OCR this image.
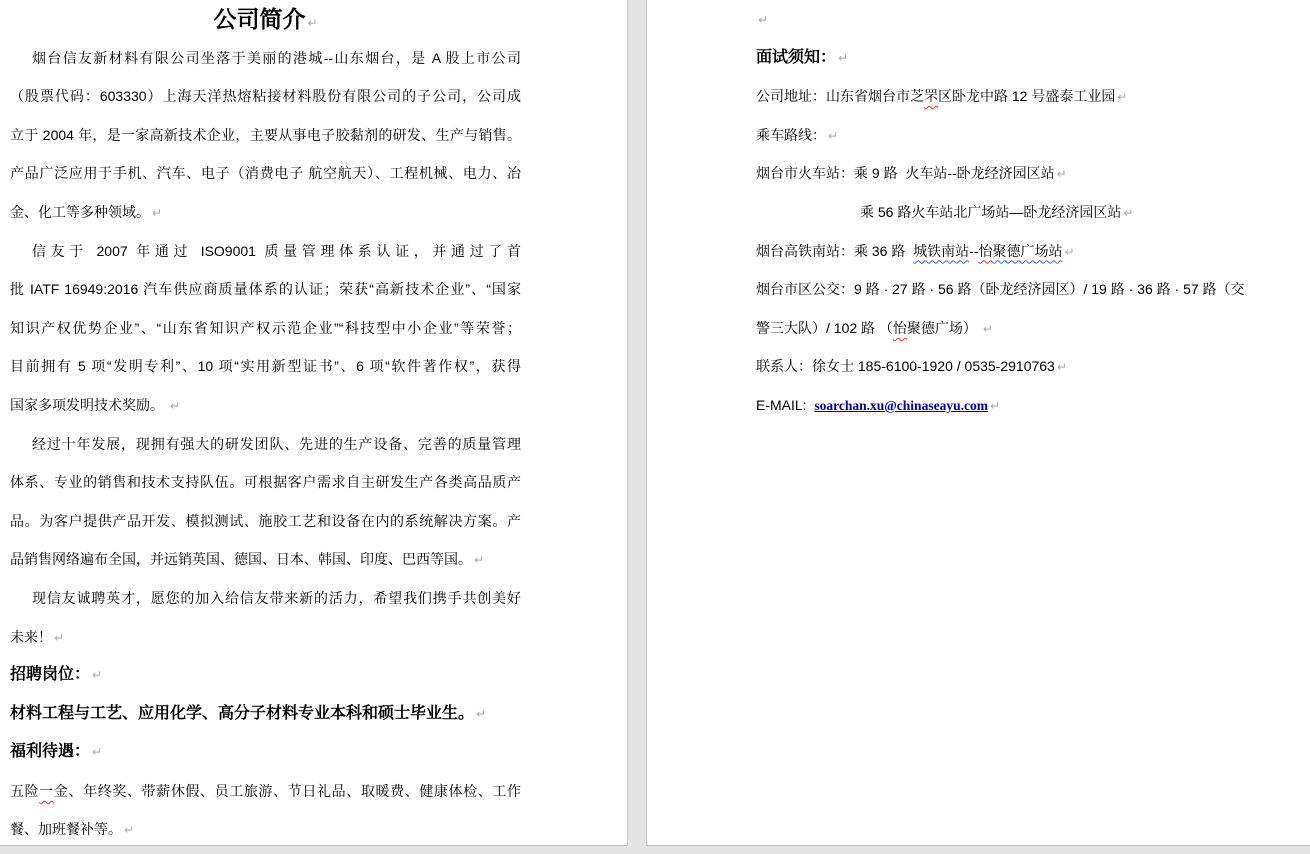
公司简介 ↵
烟台信友新材料有限公司坐落于美丽的港城--山东烟台，是 A 股上市公司
（股票代码：603330）上海天洋热熔粘接材料股份有限公司的子公司，公司成
立于 2004 年，是一家高新技术企业，主要从事电子胶黏剂的研发、生产与销售。
产品广泛应用于手机、汽车、电子（消费电子 航空航天）、工程机械、电力、冶
金、化工等多种领域。 ↵
信友于 2007 年通过 ISO9001 质量管理体系认证，并通过了首
批 IATF 16949:2016 汽车供应商质量体系的认证；荣获“高新技术企业”、“国家
知识产权优势企业”、“山东省知识产权示范企业”“科技型中小企业”等荣誉；
目前拥有 5 项“发明专利”、10 项“实用新型证书”、6 项“软件著作权”，获得
国家多项发明技术奖励。 ↵
经过十年发展，现拥有强大的研发团队、先进的生产设备、完善的质量管理
体系、专业的销售和技术支持队伍。可根据客户需求自主研发生产各类高品质产
品。为客户提供产品开发、模拟测试、施胶工艺和设备在内的系统解决方案。产
品销售网络遍布全国，并远销英国、德国、日本、韩国、印度、巴西等国。 ↵
现信友诚聘英才，愿您的加入给信友带来新的活力，希望我们携手共创美好
未来！ ↵
招聘岗位： ↵
材料工程与工艺、应用化学、高分子材料专业本科和硕士毕业生。 ↵
福利待遇： ↵
五险一金、年终奖、带薪休假、员工旅游、节日礼品、取暖费、健康体检、工作
餐、加班餐补等。 ↵
↵
面试须知： ↵
公司地址：山东省烟台市芝罘区卧龙中路 12 号盛泰工业园 ↵
乘车路线： ↵
烟台市火车站：乘 9 路  火车站--卧龙经济园区站 ↵
乘 56 路火车站北广场站—卧龙经济园区站 ↵
烟台高铁南站：乘 36 路  城铁南站--怡聚德广场站 ↵
烟台市区公交：9 路 · 27 路 · 56 路（卧龙经济园区）/ 19 路 · 36 路 · 57 路（交
警三大队）/ 102 路 （怡聚德广场） ↵
联系人：徐女士 185-6100-1920 / 0535-2910763 ↵
E-MAIL:  soarchan.xu@chinaseayu.com ↵
